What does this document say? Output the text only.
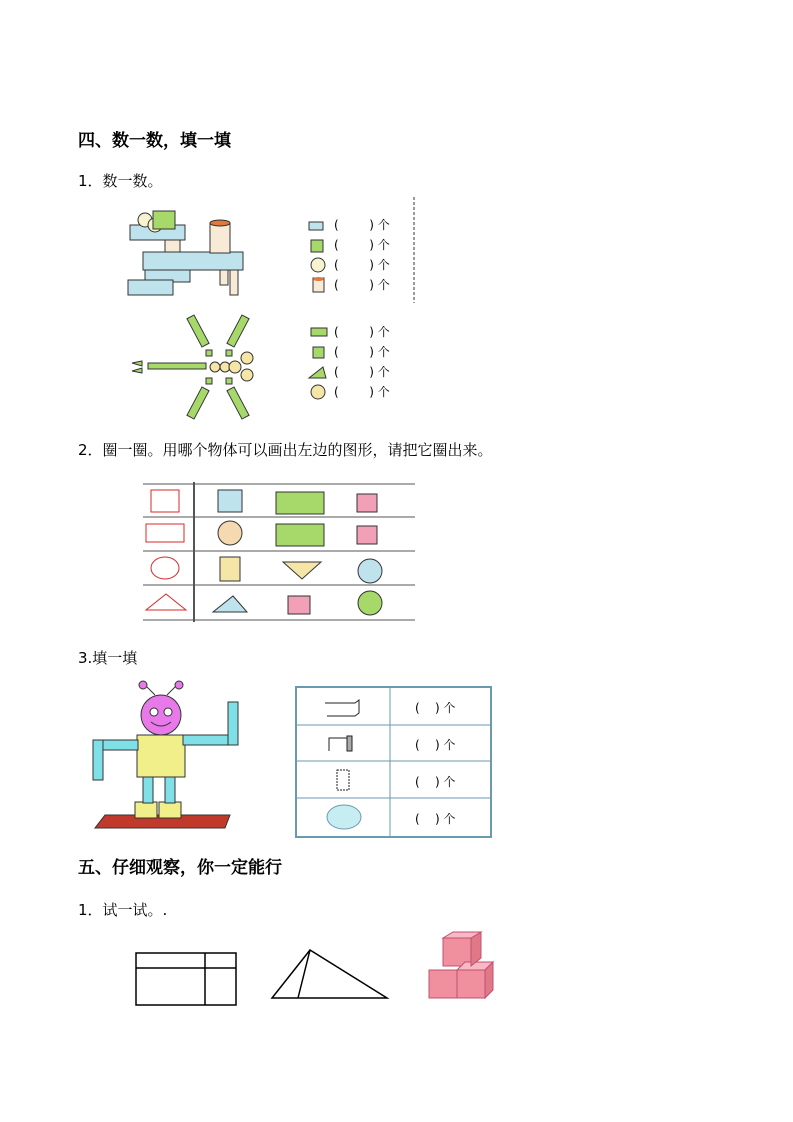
四、数一数，填一填
1．数一数。
(        ) 个
(        ) 个
(        ) 个
(        ) 个
(        ) 个
(        ) 个
(        ) 个
(        ) 个
2．圈一圈。用哪个物体可以画出左边的图形，请把它圈出来。
3.填一填
(    ) 个
(    ) 个
(    ) 个
(    ) 个
五、仔细观察，你一定能行
1．试一试。.
